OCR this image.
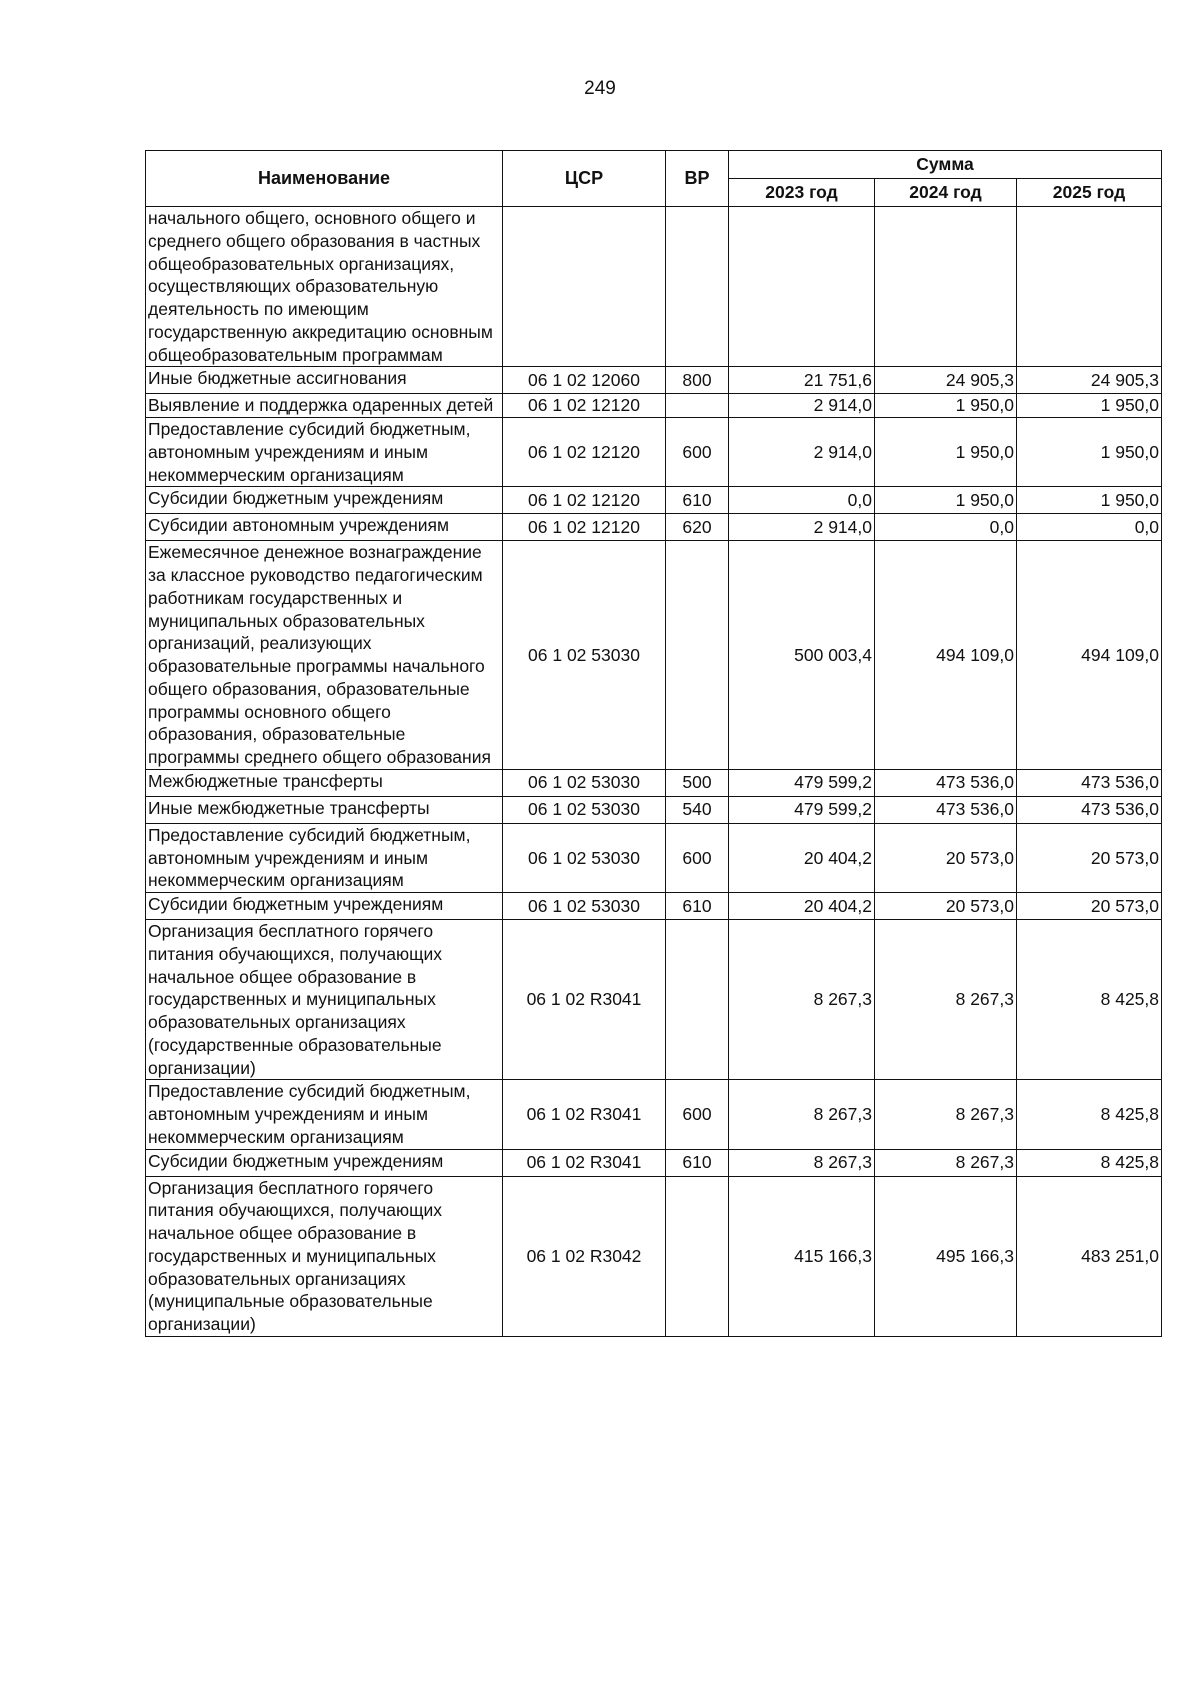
249
Наименование	ЦСР	ВР	Сумма		
			2023 год	2024 год	2025 год
начального общего, основного общего и среднего общего образования в частных общеобразовательных организациях, осуществляющих образовательную деятельность по имеющим государственную аккредитацию основным общеобразовательным программам					
Иные бюджетные ассигнования	06 1 02 12060	800	21 751,6	24 905,3	24 905,3
Выявление и поддержка одаренных детей	06 1 02 12120		2 914,0	1 950,0	1 950,0
Предоставление субсидий бюджетным, автономным учреждениям и иным некоммерческим организациям	06 1 02 12120	600	2 914,0	1 950,0	1 950,0
Субсидии бюджетным учреждениям	06 1 02 12120	610	0,0	1 950,0	1 950,0
Субсидии автономным учреждениям	06 1 02 12120	620	2 914,0	0,0	0,0
Ежемесячное денежное вознаграждение за классное руководство педагогическим работникам государственных и муниципальных образовательных организаций, реализующих образовательные программы начального общего образования, образовательные программы основного общего образования, образовательные программы среднего общего образования	06 1 02 53030		500 003,4	494 109,0	494 109,0
Межбюджетные трансферты	06 1 02 53030	500	479 599,2	473 536,0	473 536,0
Иные межбюджетные трансферты	06 1 02 53030	540	479 599,2	473 536,0	473 536,0
Предоставление субсидий бюджетным, автономным учреждениям и иным некоммерческим организациям	06 1 02 53030	600	20 404,2	20 573,0	20 573,0
Субсидии бюджетным учреждениям	06 1 02 53030	610	20 404,2	20 573,0	20 573,0
Организация бесплатного горячего питания обучающихся, получающих начальное общее образование в государственных и муниципальных образовательных организациях (государственные образовательные организации)	06 1 02 R3041		8 267,3	8 267,3	8 425,8
Предоставление субсидий бюджетным, автономным учреждениям и иным некоммерческим организациям	06 1 02 R3041	600	8 267,3	8 267,3	8 425,8
Субсидии бюджетным учреждениям	06 1 02 R3041	610	8 267,3	8 267,3	8 425,8
Организация бесплатного горячего питания обучающихся, получающих начальное общее образование в государственных и муниципальных образовательных организациях (муниципальные образовательные организации)	06 1 02 R3042		415 166,3	495 166,3	483 251,0
